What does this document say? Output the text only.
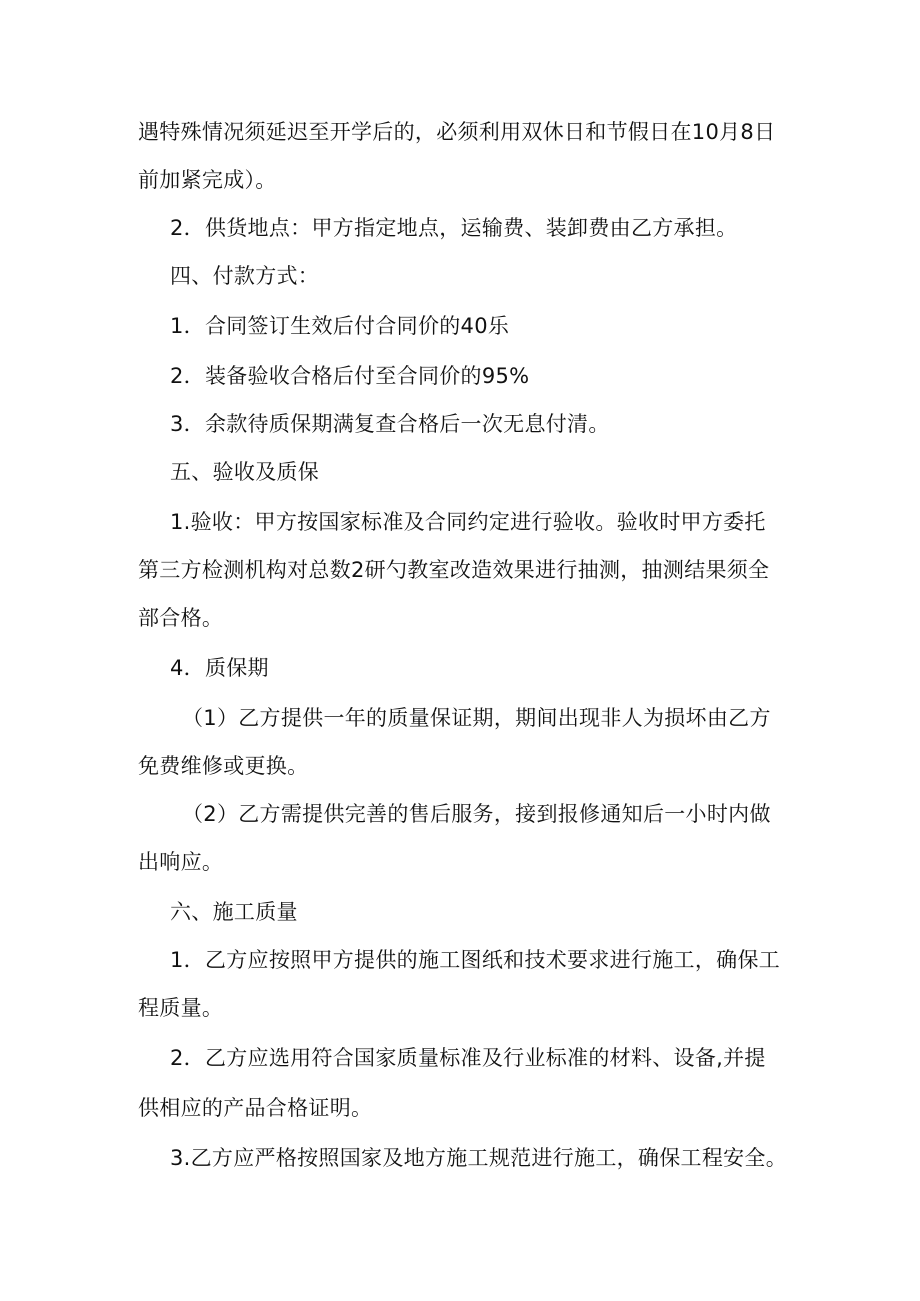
遇特殊情况须延迟至开学后的，必须利用双休日和节假日在10月8日
前加紧完成）。
2．供货地点：甲方指定地点，运输费、装卸费由乙方承担。
四、付款方式：
1．合同签订生效后付合同价的40乐
2．装备验收合格后付至合同价的95%
3．余款待质保期满复查合格后一次无息付清。
五、验收及质保
1.验收：甲方按国家标准及合同约定进行验收。验收时甲方委托
第三方检测机构对总数2研勺教室改造效果进行抽测，抽测结果须全
部合格。
4．质保期
（1）乙方提供一年的质量保证期，期间出现非人为损坏由乙方
免费维修或更换。
（2）乙方需提供完善的售后服务，接到报修通知后一小时内做
出响应。
六、施工质量
1．乙方应按照甲方提供的施工图纸和技术要求进行施工，确保工
程质量。
2．乙方应选用符合国家质量标准及行业标准的材料、设备,并提
供相应的产品合格证明。
3.乙方应严格按照国家及地方施工规范进行施工，确保工程安全。
